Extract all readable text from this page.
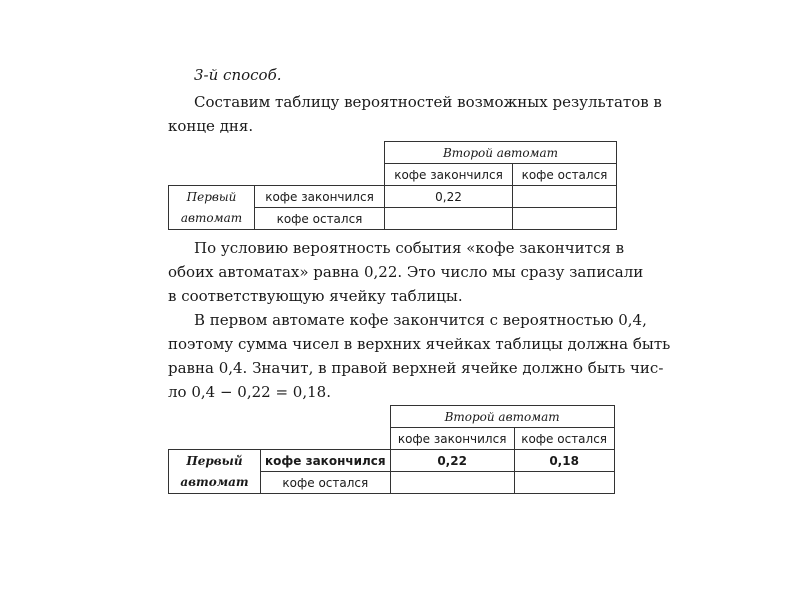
3-й способ.
Составим таблицу вероятностей возможных результатов в
конце дня.
		Второй автомат	
		кофе закончился	кофе остался
Первый	кофе закончился	0,22	
автомат	кофе остался		
По условию вероятность события «кофе закончится в
обоих автоматах» равна 0,22. Это число мы сразу записали
в соответствующую ячейку таблицы.
В первом автомате кофе закончится с вероятностью 0,4,
поэтому сумма чисел в верхних ячейках таблицы должна быть
равна 0,4. Значит, в правой верхней ячейке должно быть чис-
ло 0,4 − 0,22 = 0,18.
		Второй автомат	
		кофе закончился	кофе остался
Первый	кофе закончился	0,22	0,18
автомат	кофе остался		
